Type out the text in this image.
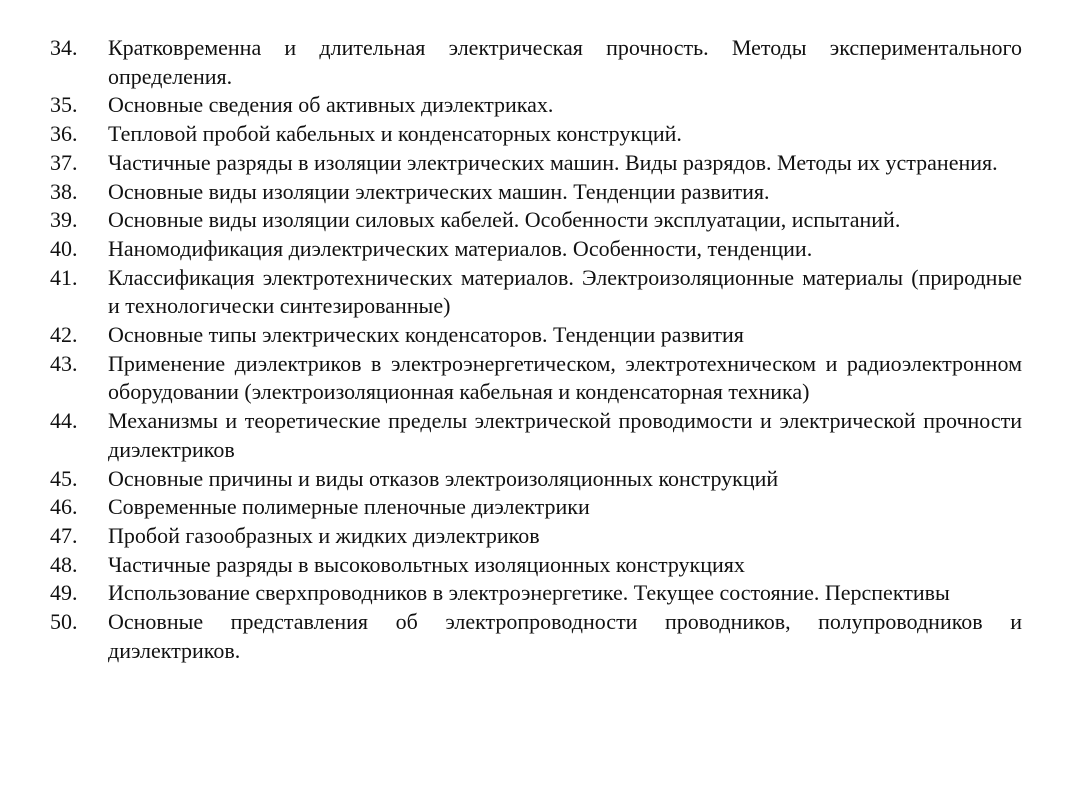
34.	Кратковременна и длительная электрическая прочность. Методы экспериментального определения.
35.	Основные сведения об активных диэлектриках.
36.	Тепловой пробой кабельных и конденсаторных конструкций.
37.	Частичные разряды в изоляции электрических машин. Виды разрядов. Методы их устранения.
38.	Основные виды изоляции электрических машин. Тенденции развития.
39.	Основные виды изоляции силовых кабелей. Особенности эксплуатации, испытаний.
40.	Наномодификация диэлектрических материалов. Особенности, тенденции.
41.	Классификация электротехнических материалов. Электроизоляционные материалы (природные и технологически синтезированные)
42.	Основные типы электрических конденсаторов. Тенденции развития
43.	Применение диэлектриков в электроэнергетическом, электротехническом и радиоэлектронном оборудовании (электроизоляционная кабельная и конденсаторная техника)
44.	Механизмы и теоретические пределы электрической проводимости и электрической прочности диэлектриков
45.	Основные причины и виды отказов электроизоляционных конструкций
46.	Современные полимерные пленочные диэлектрики
47.	Пробой газообразных и жидких диэлектриков
48.	Частичные разряды в высоковольтных изоляционных конструкциях
49.	Использование сверхпроводников в электроэнергетике. Текущее состояние. Перспективы
50.	Основные представления об электропроводности проводников, полупроводников и диэлектриков.
